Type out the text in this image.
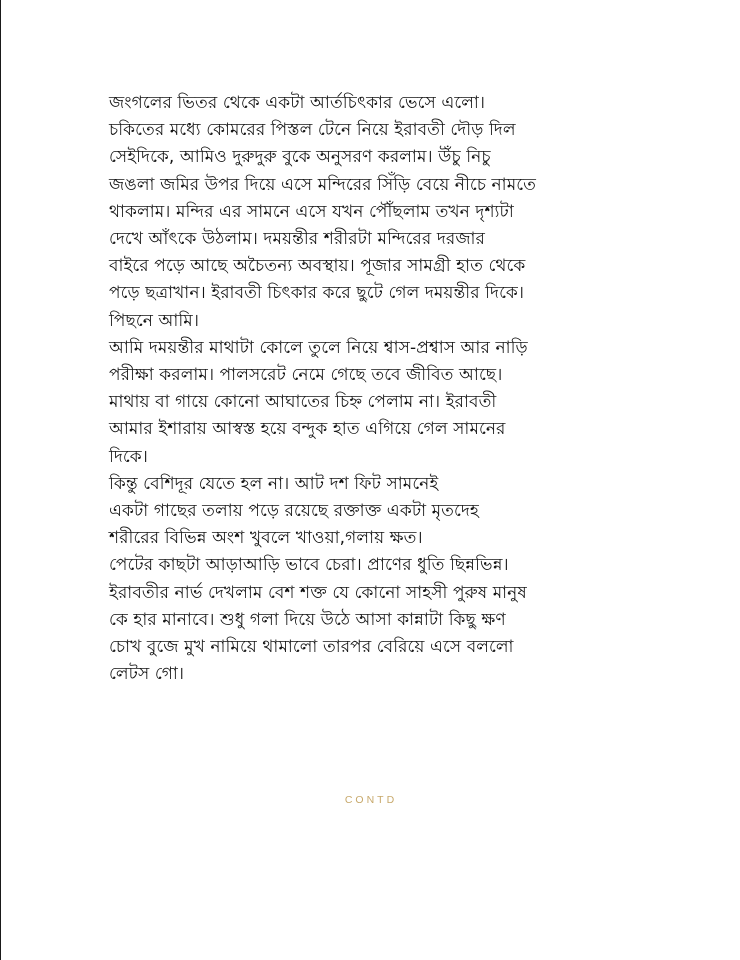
জংগলের ভিতর থেকে একটা আর্তচিৎকার ভেসে এলো।
চকিতের মধ্যে কোমরের পিস্তল টেনে নিয়ে ইরাবতী দৌড় দিল
সেইদিকে, আমিও দুরুদুরু বুকে অনুসরণ করলাম। উঁচু নিচু
জঙলা জমির উপর দিয়ে এসে মন্দিরের সিঁড়ি বেয়ে নীচে নামতে
থাকলাম। মন্দির এর সামনে এসে যখন পৌঁছলাম তখন দৃশ্যটা
দেখে আঁৎকে উঠলাম। দময়ন্তীর শরীরটা মন্দিরের দরজার
বাইরে পড়ে আছে অচৈতন্য অবস্থায়। পূজার সামগ্রী হাত থেকে
পড়ে ছত্রাখান। ইরাবতী চিৎকার করে ছুটে গেল দময়ন্তীর দিকে।
পিছনে আমি।
আমি দময়ন্তীর মাথাটা কোলে তুলে নিয়ে শ্বাস-প্রশ্বাস আর নাড়ি
পরীক্ষা করলাম। পালসরেট নেমে গেছে তবে জীবিত আছে।
মাথায় বা গায়ে কোনো আঘাতের চিহ্ন পেলাম না। ইরাবতী
আমার ইশারায় আস্বস্ত হয়ে বন্দুক হাত এগিয়ে গেল সামনের
দিকে।
কিন্তু বেশিদূর যেতে হল না। আট দশ ফিট সামনেই
একটা গাছের তলায় পড়ে রয়েছে রক্তাক্ত একটা মৃতদেহ
শরীরের বিভিন্ন অংশ খুবলে খাওয়া,গলায় ক্ষত।
পেটের কাছটা আড়াআড়ি ভাবে চেরা। প্রাণের ধুতি ছিন্নভিন্ন।
ইরাবতীর নার্ভ দেখলাম বেশ শক্ত যে কোনো সাহসী পুরুষ মানুষ
কে হার মানাবে। শুধু গলা দিয়ে উঠে আসা কান্নাটা কিছু ক্ষণ
চোখ বুজে মুখ নামিয়ে থামালো তারপর বেরিয়ে এসে বললো
লেটস গো।
CONTD
